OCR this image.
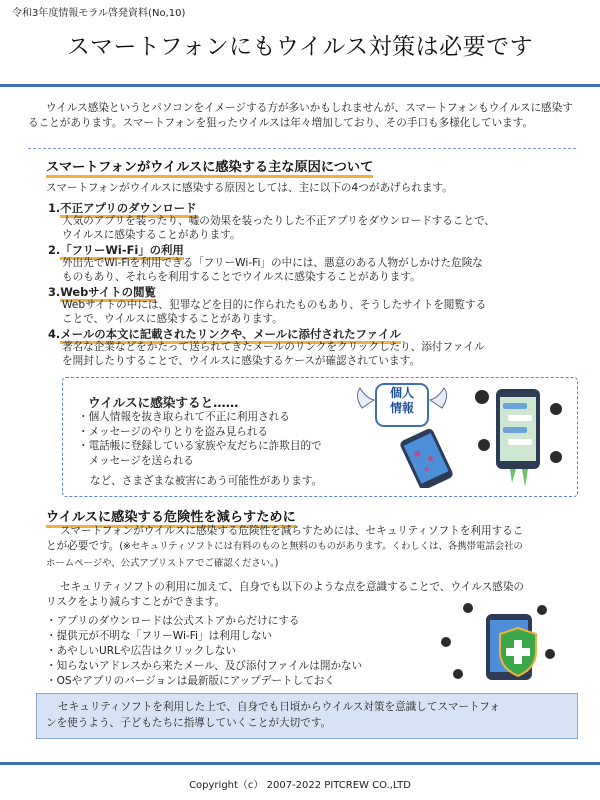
令和3年度情報モラル啓発資料(No,10)
スマートフォンにもウイルス対策は必要です
ウイルス感染というとパソコンをイメージする方が多いかもしれませんが、スマートフォンもウイルスに感染することがあります。スマートフォンを狙ったウイルスは年々増加しており、その手口も多様化しています。
スマートフォンがウイルスに感染する主な原因について
スマートフォンがウイルスに感染する原因としては、主に以下の4つがあげられます。
1.不正アプリのダウンロード
人気のアプリを装ったり、嘘の効果を装ったりした不正アプリをダウンロードすることで、
ウイルスに感染することがあります。
2.「フリーWi-Fi」の利用
外出先でWi-Fiを利用できる「フリーWi-Fi」の中には、悪意のある人物がしかけた危険な
ものもあり、それらを利用することでウイルスに感染することがあります。
3.Webサイトの閲覧
Webサイトの中には、犯罪などを目的に作られたものもあり、そうしたサイトを閲覧する
ことで、ウイルスに感染することがあります。
4.メールの本文に記載されたリンクや、メールに添付されたファイル
著名な企業などをかたって送られてきたメールのリンクをクリックしたり、添付ファイル
を開封したりすることで、ウイルスに感染するケースが確認されています。
ウイルスに感染すると……
・個人情報を抜き取られて不正に利用される
・メッセージのやりとりを盗み見られる
・電話帳に登録している家族や友だちに詐欺目的で
　メッセージを送られる
など、さまざまな被害にあう可能性があります。
個人
情報
ウイルスに感染する危険性を減らすために
スマートフォンがウイルスに感染する危険性を減らすためには、セキュリティソフトを利用するこ
とが必要です。(※セキュリティソフトには有料のものと無料のものがあります。くわしくは、各携帯電話会社の
ホームページや、公式アプリストアでご確認ください。)
セキュリティソフトの利用に加えて、自身でも以下のような点を意識することで、ウイルス感染の
リスクをより減らすことができます。
・アプリのダウンロードは公式ストアからだけにする
・提供元が不明な「フリーWi-Fi」は利用しない
・あやしいURLや広告はクリックしない
・知らないアドレスから来たメール、及び添付ファイルは開かない
・OSやアプリのバージョンは最新版にアップデートしておく
セキュリティソフトを利用した上で、自身でも日頃からウイルス対策を意識してスマートフォ
ンを使うよう、子どもたちに指導していくことが大切です。
Copyright（c） 2007-2022 PITCREW CO.,LTD
